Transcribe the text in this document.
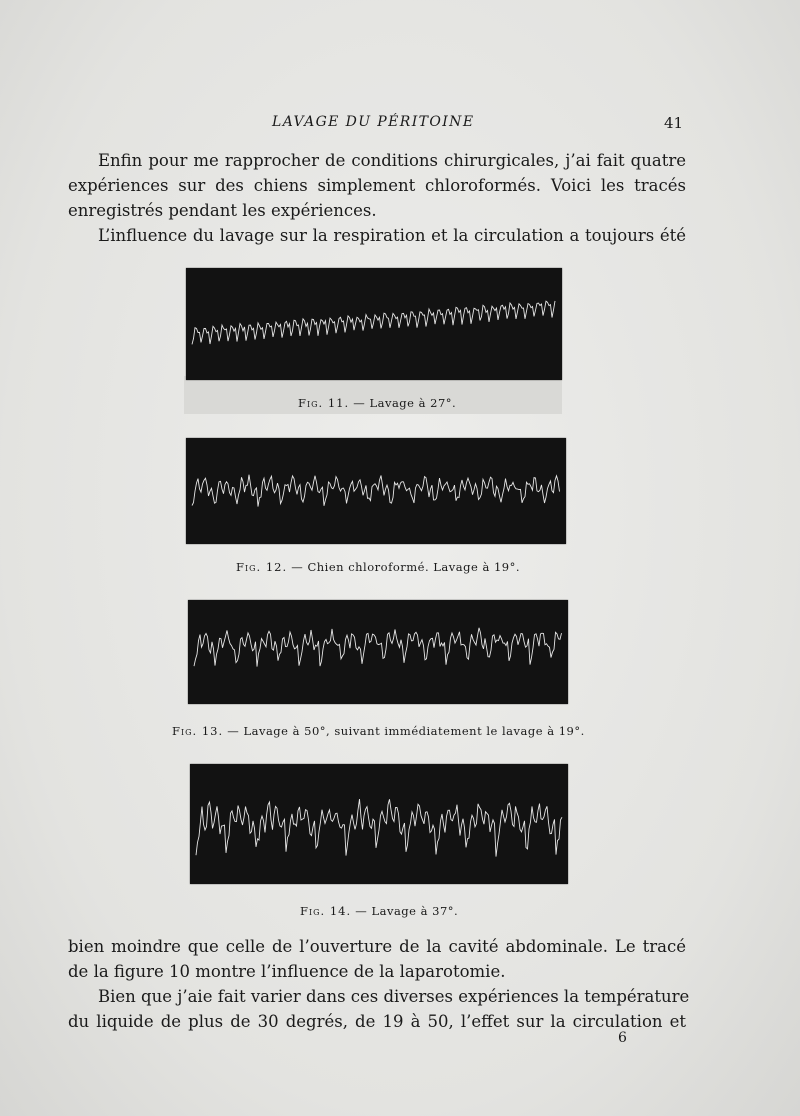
LAVAGE DU PÉRITOINE	41
Enfin pour me rapprocher de conditions chirurgicales, j’ai fait quatre
expériences sur des chiens simplement chloroformés. Voici les tracés
enregistrés pendant les expériences.
L’influence du lavage sur la respiration et la circulation a toujours été
Fig. 11. — Lavage à 27°.
Fig. 12. — Chien chloroformé. Lavage à 19°.
Fig. 13. — Lavage à 50°, suivant immédiatement le lavage à 19°.
Fig. 14. — Lavage à 37°.
bien moindre que celle de l’ouverture de la cavité abdominale. Le tracé
de la figure 10 montre l’influence de la laparotomie.
Bien que j’aie fait varier dans ces diverses expériences la température
du liquide de plus de 30 degrés, de 19 à 50, l’effet sur la circulation et
6
